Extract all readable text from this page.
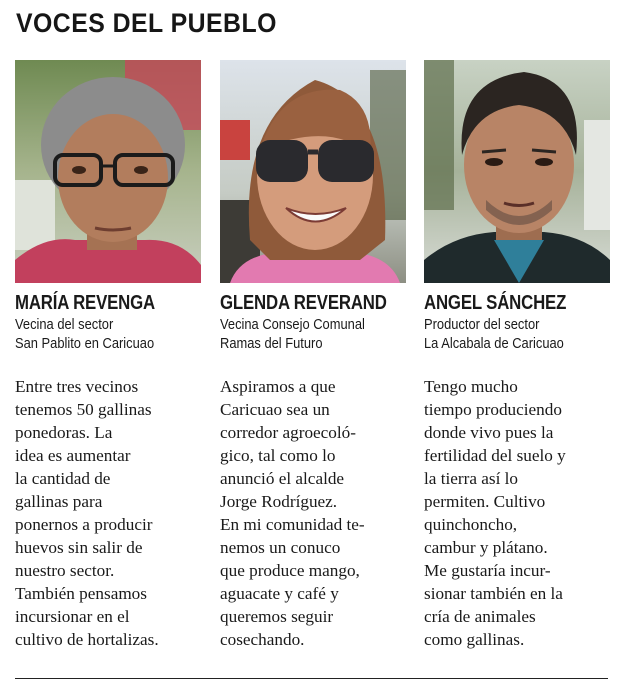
VOCES DEL PUEBLO
MARÍA REVENGA
Vecina del sector
San Pablito en Caricuao
Entre tres vecinos
tenemos 50 gallinas
ponedoras. La
idea es aumentar
la cantidad de
gallinas para
ponernos a producir
huevos sin salir de
nuestro sector.
También pensamos
incursionar en el
cultivo de hortalizas.
GLENDA REVERAND
Vecina Consejo Comunal
Ramas del Futuro
Aspiramos a que
Caricuao sea un
corredor agroecoló-
gico, tal como lo
anunció el alcalde
Jorge Rodríguez.
En mi comunidad te-
nemos un conuco
que produce mango,
aguacate y café y
queremos seguir
cosechando.
ANGEL SÁNCHEZ
Productor del sector
La Alcabala de Caricuao
Tengo mucho
tiempo produciendo
donde vivo pues la
fertilidad del suelo y
la tierra así lo
permiten. Cultivo
quinchoncho,
cambur y plátano.
Me gustaría incur-
sionar también en la
cría de animales
como gallinas.
